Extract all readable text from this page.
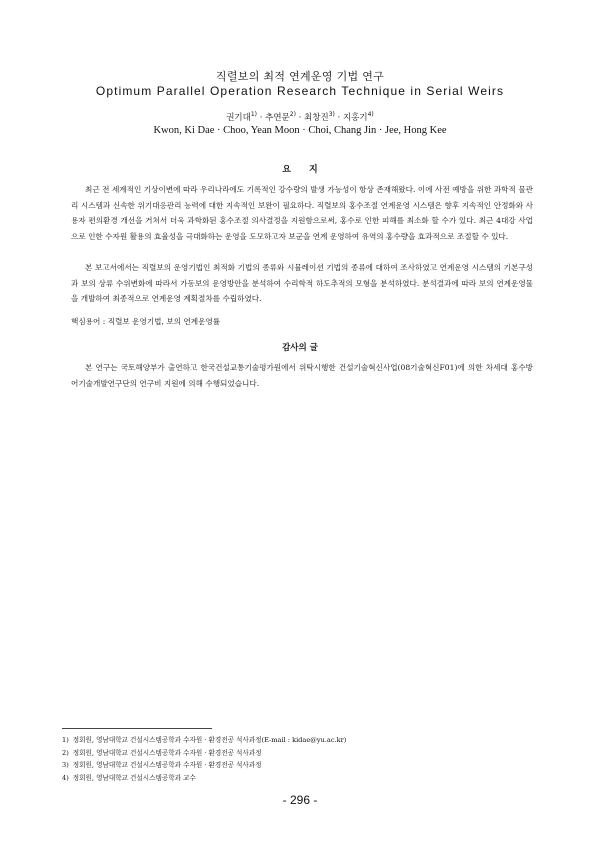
직렬보의 최적 연계운영 기법 연구
Optimum Parallel Operation Research Technique in Serial Weirs
권기대$^{1)}$ · 추연문$^{2)}$ · 최창진$^{3)}$ · 지홍기$^{4)}$
Kwon, Ki Dae · Choo, Yean Moon · Choi, Chang Jin · Jee, Hong Kee
요지

최근 전 세계적인 기상이변에 따라 우리나라에도 기록적인 강수량의 발생 가능성이 항상 존재해왔다. 이에 사전 예방을 위한 과학적 물관리 시스템과 신속한 위기대응관리 능력에 대한 지속적인 보완이 필요하다. 직렬보의 홍수조절 연계운영 시스템은 향후 지속적인 안정화와 사용자 편의환경 개선을 거쳐서 더욱 과학화된 홍수조절 의사결정을 지원함으로써, 홍수로 인한 피해를 최소화 할 수가 있다. 최근 4대강 사업으로 인한 수자원 활용의 효율성을 극대화하는 운영을 도모하고자 보군을 연계 운영하여 유역의 홍수량을 효과적으로 조절할 수 있다.

본 보고서에서는 직렬보의 운영기법인 최적화 기법의 종류와 시뮬레이션 기법의 종류에 대하여 조사하였고 연계운영 시스템의 기본구성과 보의 상류 수위변화에 따라서 가동보의 운영방안을 분석하여 수리학적 하도추적의 모형을 분석하였다. 분석결과에 따라 보의 연계운영물을 개발하여 최종적으로 연계운영 계획절차를 수립하였다.

핵심용어 : 직렬보 운영기법, 보의 연계운영률
감사의 글

본 연구는 국토해양부가 출연하고 한국건설교통기술평가원에서 위탁시행한 건설기술혁신사업(08기술혁신F01)에 의한 차세대 홍수방어기술개발연구단의 연구비 지원에 의해 수행되었습니다.

1) 정회원, 영남대학교 건설시스템공학과 수자원 · 환경전공 석사과정(E-mail : kidae@yu.ac.kr)
2) 정회원, 영남대학교 건설시스템공학과 수자원 · 환경전공 석사과정
3) 정회원, 영남대학교 건설시스템공학과 수자원 · 환경전공 석사과정
4) 정회원, 영남대학교 건설시스템공학과 교수
- 296 -
